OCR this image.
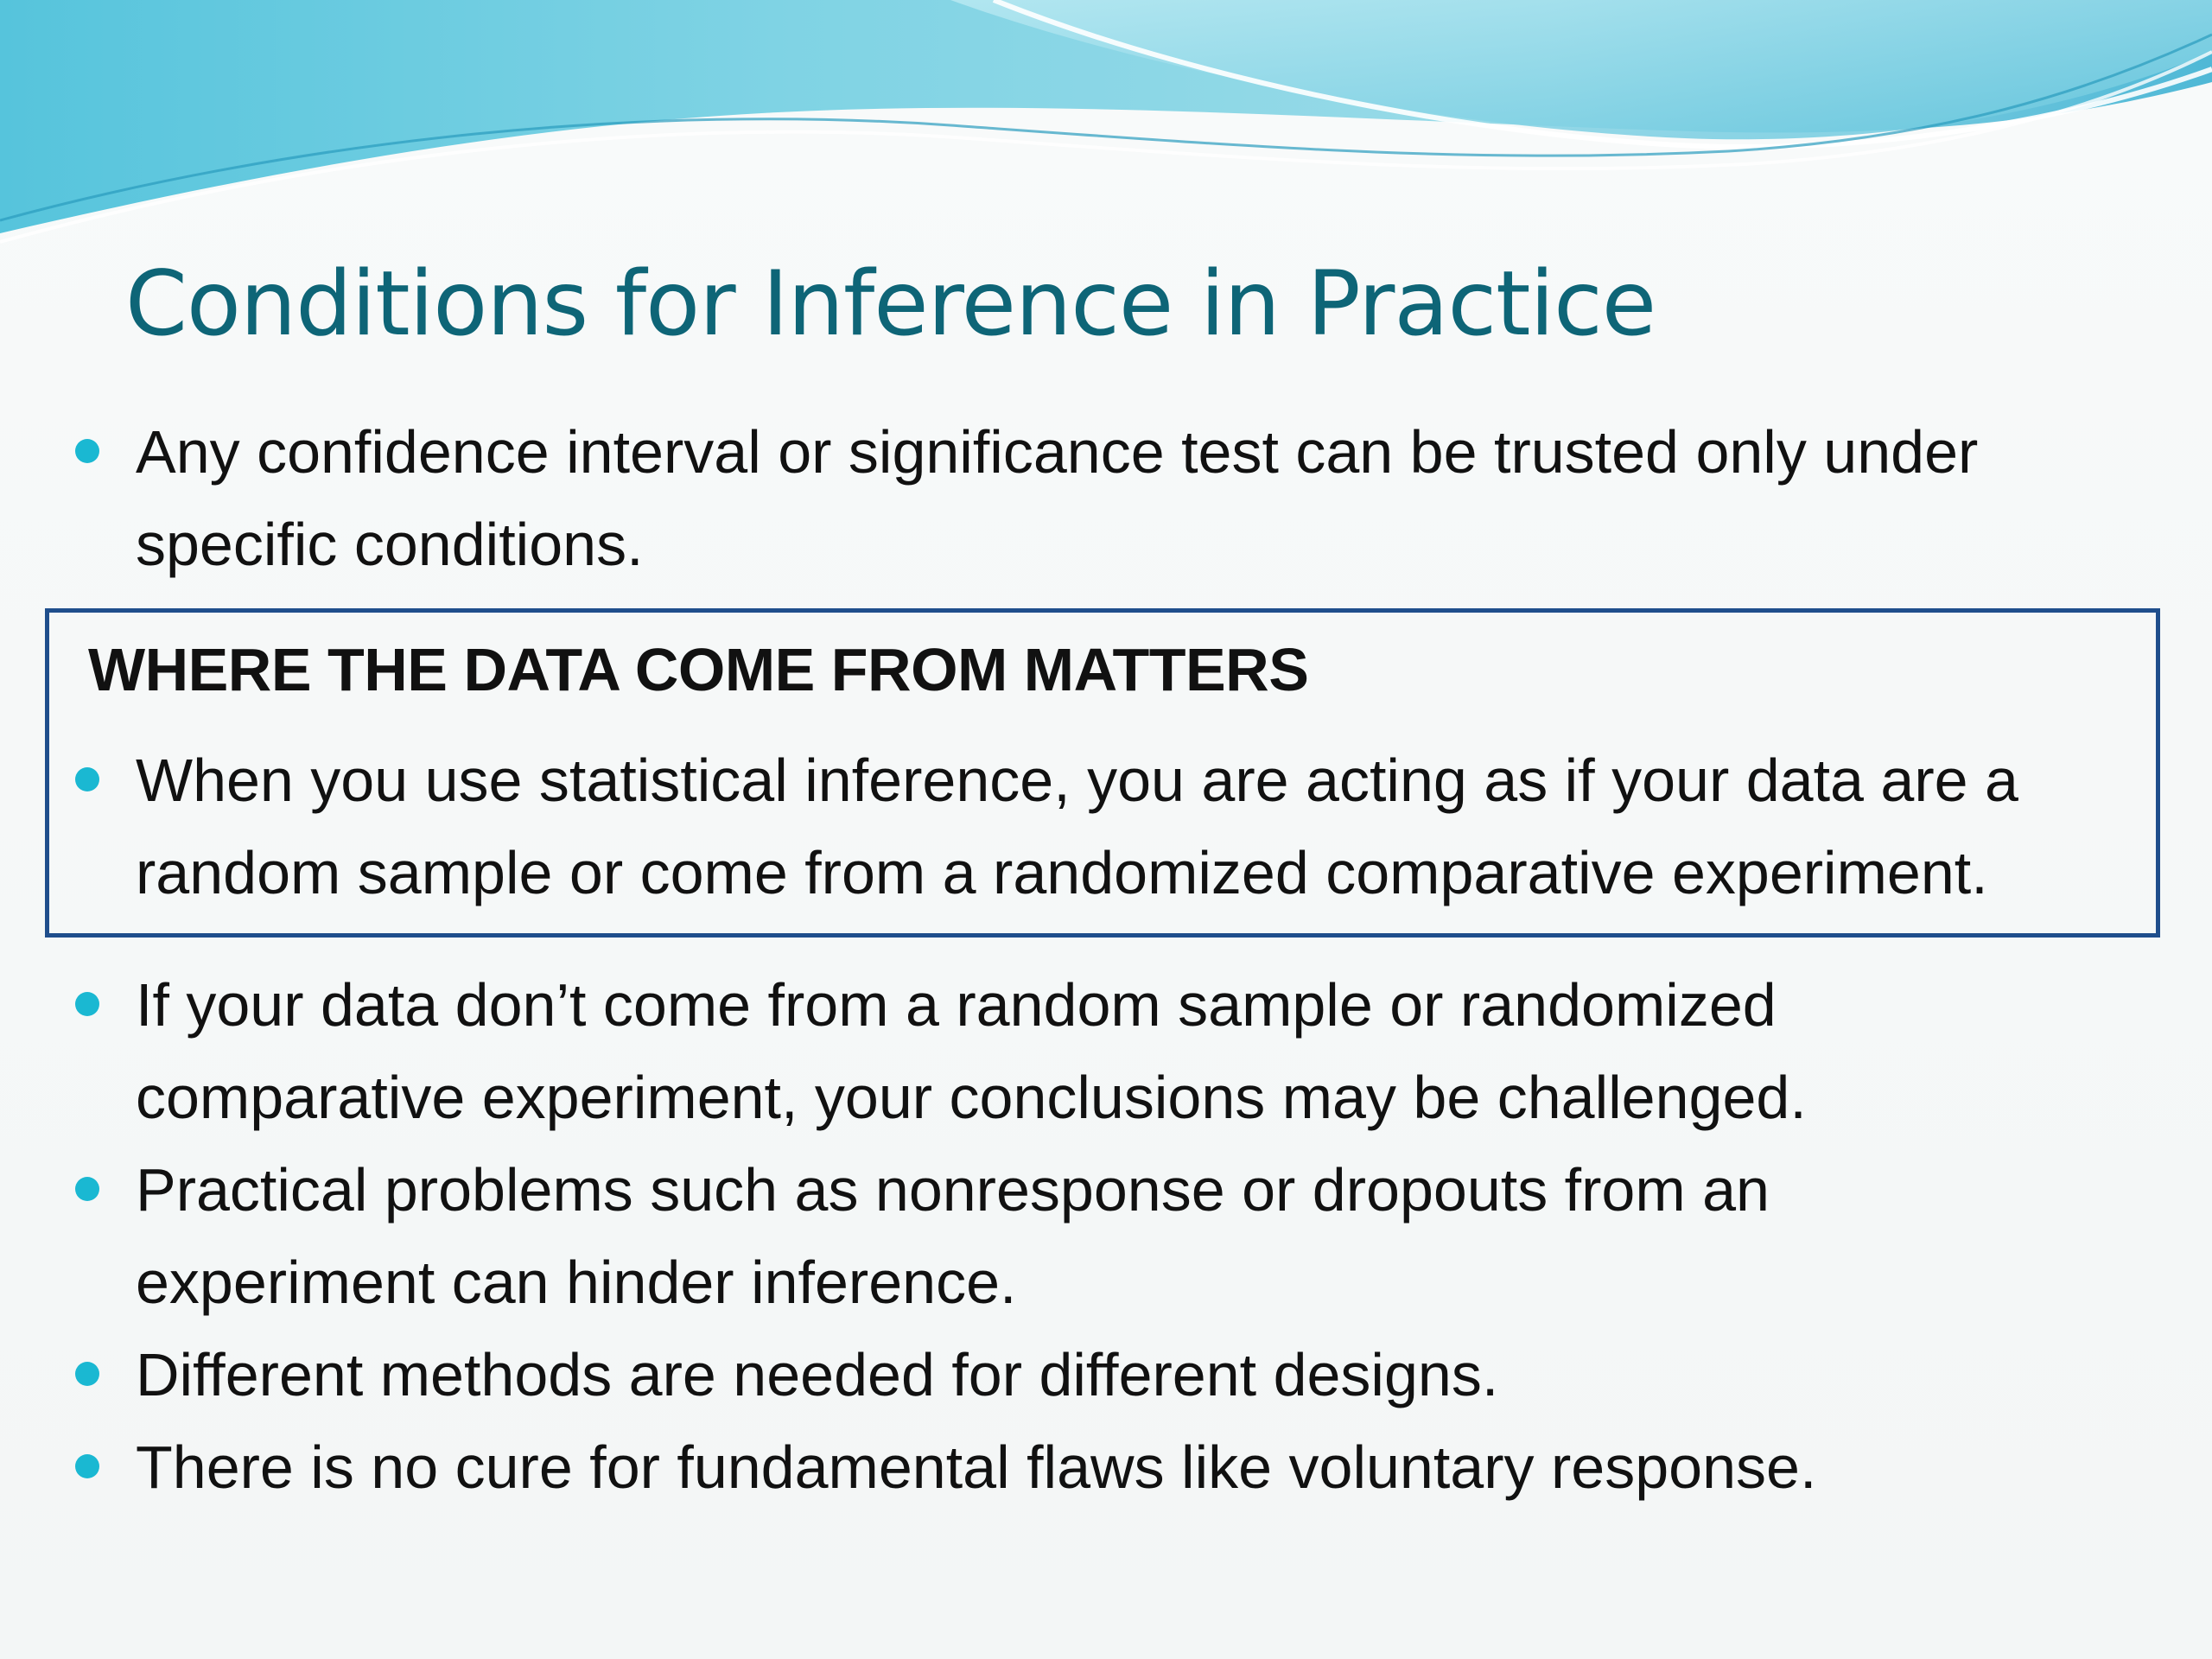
Conditions for Inference in Practice
Any confidence interval or significance test can be trusted only under
specific conditions.
WHERE THE DATA COME FROM MATTERS
When you use statistical inference, you are acting as if your data are a
random sample or come from a randomized comparative experiment.
If your data don’t come from a random sample or randomized
comparative experiment, your conclusions may be challenged.
Practical problems such as nonresponse or dropouts from an
experiment can hinder inference.
Different methods are needed for different designs.
There is no cure for fundamental flaws like voluntary response.
